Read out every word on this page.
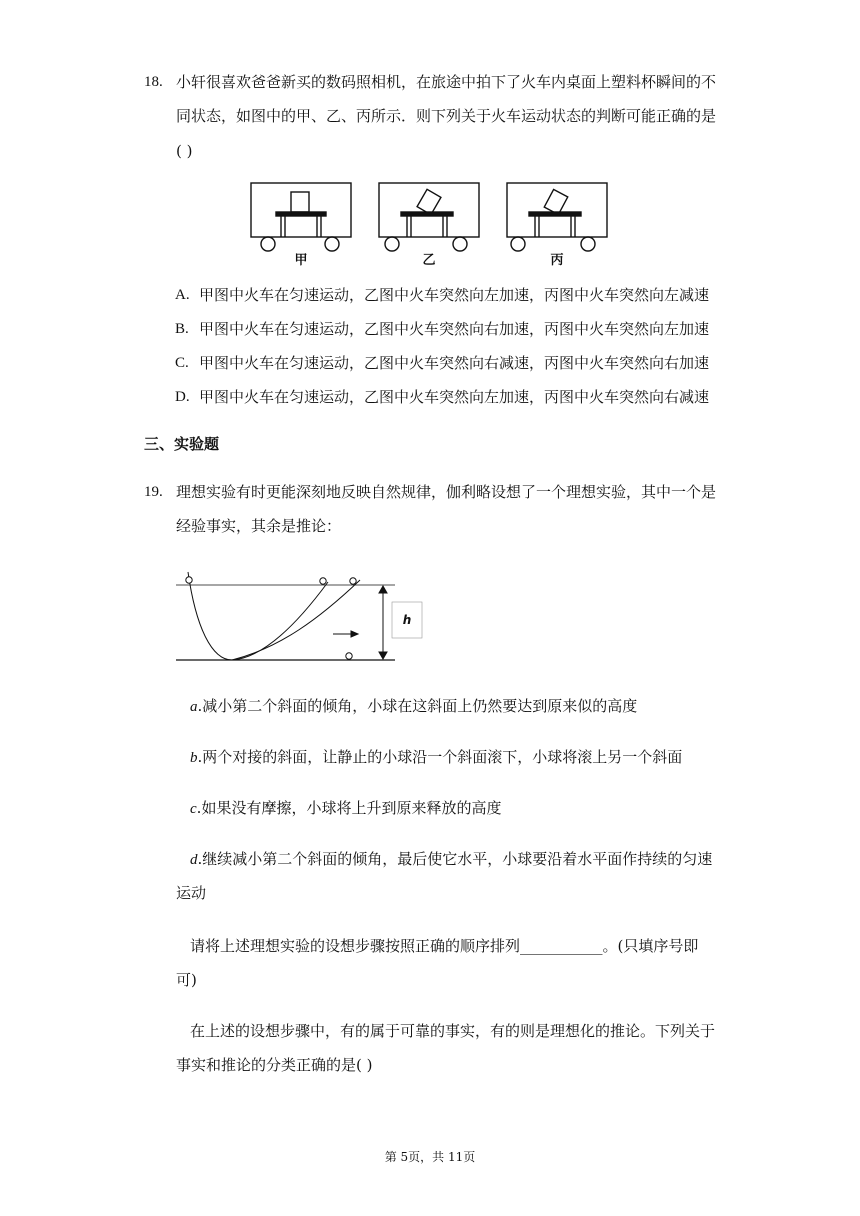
18. 小轩很喜欢爸爸新买的数码照相机，在旅途中拍下了火车内桌面上塑料杯瞬间的不
同状态，如图中的甲、乙、丙所示．则下列关于火车运动状态的判断可能正确的是
( )
甲	乙	丙
A. 甲图中火车在匀速运动，乙图中火车突然向左加速，丙图中火车突然向左减速
B. 甲图中火车在匀速运动，乙图中火车突然向右加速，丙图中火车突然向左加速
C. 甲图中火车在匀速运动，乙图中火车突然向右减速，丙图中火车突然向右加速
D. 甲图中火车在匀速运动，乙图中火车突然向左加速，丙图中火车突然向右减速
三、实验题
19. 理想实验有时更能深刻地反映自然规律，伽利略设想了一个理想实验，其中一个是
经验事实，其余是推论：
h
a.减小第二个斜面的倾角，小球在这斜面上仍然要达到原来似的高度
b.两个对接的斜面，让静止的小球沿一个斜面滚下，小球将滚上另一个斜面
c.如果没有摩擦，小球将上升到原来释放的高度
d.继续减小第二个斜面的倾角，最后使它水平，小球要沿着水平面作持续的匀速
运动
请将上述理想实验的设想步骤按照正确的顺序排列___________。(只填序号即
可)
在上述的设想步骤中，有的属于可靠的事实，有的则是理想化的推论。下列关于
事实和推论的分类正确的是( )
第 5页，共 11页
